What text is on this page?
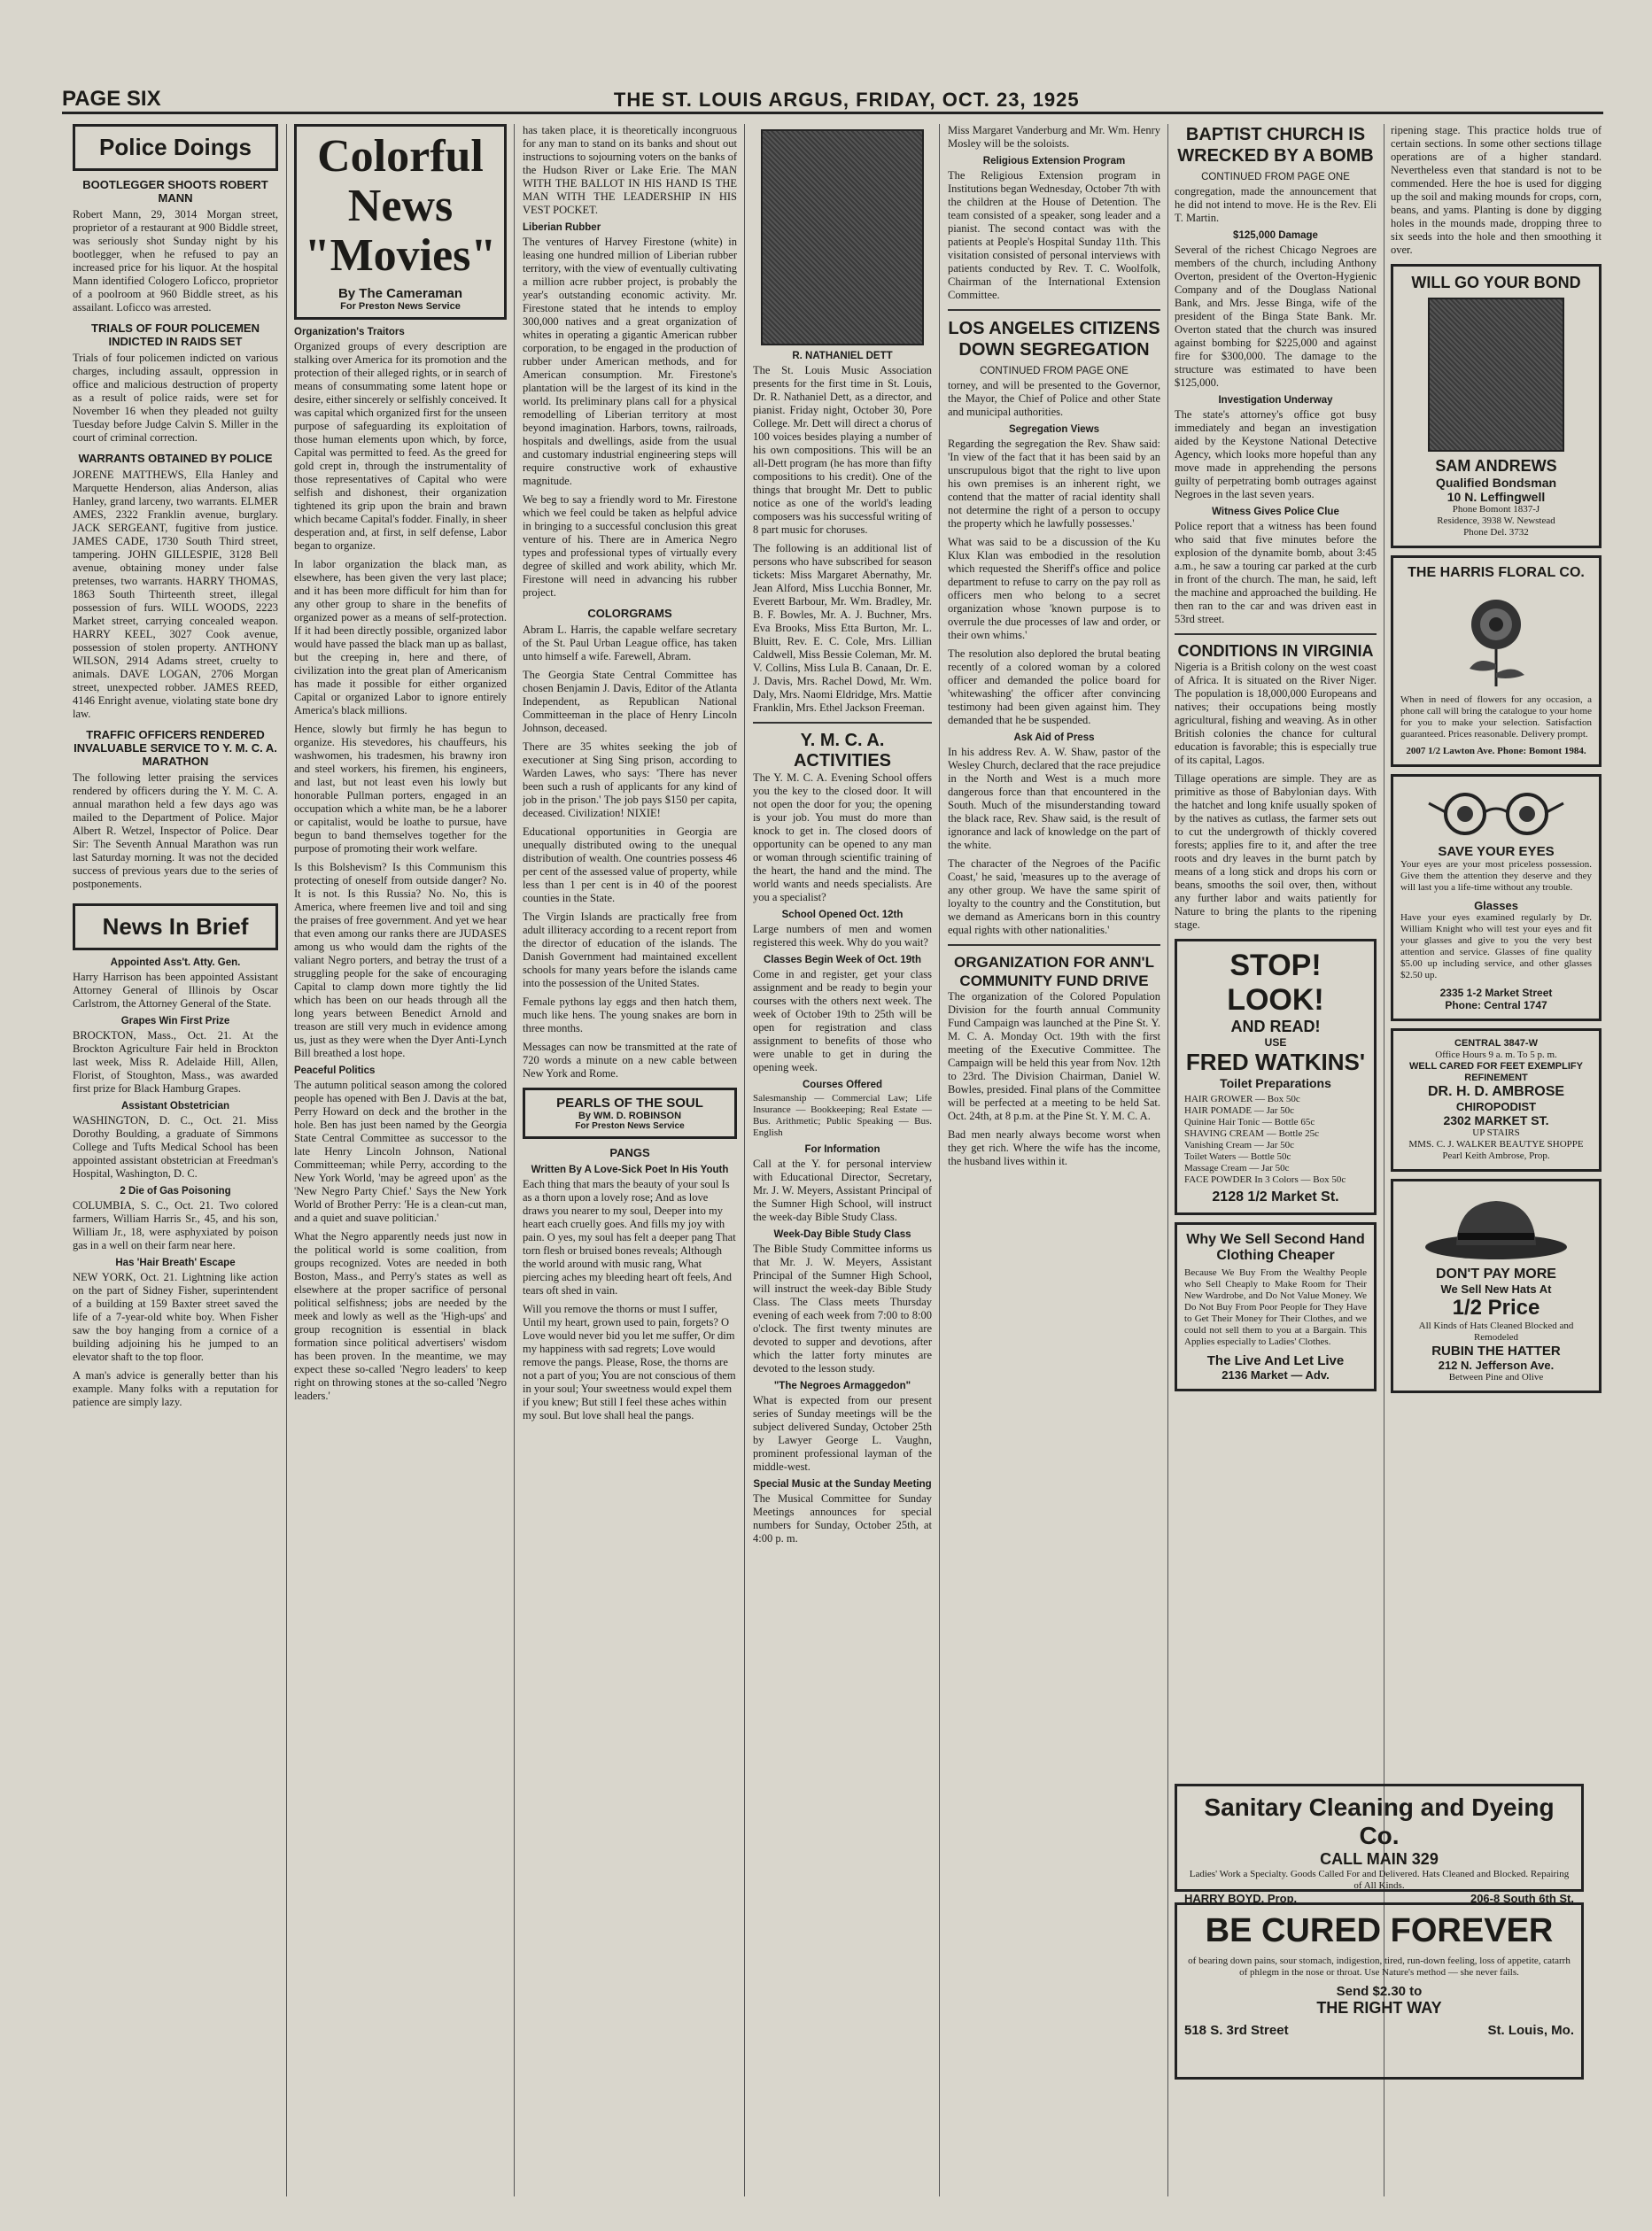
PAGE SIX	THE ST. LOUIS ARGUS, FRIDAY, OCT. 23, 1925
Police Doings
BOOTLEGGER SHOOTS ROBERT MANN

Robert Mann, 29, 3014 Morgan street, proprietor of a restaurant at 900 Biddle street, was seriously shot Sunday night by his bootlegger, when he refused to pay an increased price for his liquor. At the hospital Mann identified Cologero Loficco, proprietor of a poolroom at 960 Biddle street, as his assailant. Loficco was arrested.

TRIALS OF FOUR POLICEMEN INDICTED IN RAIDS SET

Trials of four policemen indicted on various charges, including assault, oppression in office and malicious destruction of property as a result of police raids, were set for November 16 when they pleaded not guilty Tuesday before Judge Calvin S. Miller in the court of criminal correction.

WARRANTS OBTAINED BY POLICE

JORENE MATTHEWS, Ella Hanley and Marquette Henderson, alias Anderson, alias Hanley, grand larceny, two warrants. ELMER AMES, 2322 Franklin avenue, burglary. JACK SERGEANT, fugitive from justice. JAMES CADE, 1730 South Third street, tampering. JOHN GILLESPIE, 3128 Bell avenue, obtaining money under false pretenses, two warrants. HARRY THOMAS, 1863 South Thirteenth street, illegal possession of furs. WILL WOODS, 2223 Market street, carrying concealed weapon. HARRY KEEL, 3027 Cook avenue, possession of stolen property. ANTHONY WILSON, 2914 Adams street, cruelty to animals. DAVE LOGAN, 2706 Morgan street, unexpected robber. JAMES REED, 4146 Enright avenue, violating state bone dry law.

TRAFFIC OFFICERS RENDERED INVALUABLE SERVICE TO Y. M. C. A. MARATHON

The following letter praising the services rendered by officers during the Y. M. C. A. annual marathon held a few days ago was mailed to the Department of Police. Major Albert R. Wetzel, Inspector of Police. Dear Sir: The Seventh Annual Marathon was run last Saturday morning. It was not the decided success of previous years due to the series of postponements.

News In Brief
Appointed Ass't. Atty. Gen.

Harry Harrison has been appointed Assistant Attorney General of Illinois by Oscar Carlstrom, the Attorney General of the State.

Grapes Win First Prize

BROCKTON, Mass., Oct. 21. At the Brockton Agriculture Fair held in Brockton last week, Miss R. Adelaide Hill, Allen, Florist, of Stoughton, Mass., was awarded first prize for Black Hamburg Grapes.

Assistant Obstetrician

WASHINGTON, D. C., Oct. 21. Miss Dorothy Boulding, a graduate of Simmons College and Tufts Medical School has been appointed assistant obstetrician at Freedman's Hospital, Washington, D. C.

2 Die of Gas Poisoning

COLUMBIA, S. C., Oct. 21. Two colored farmers, William Harris Sr., 45, and his son, William Jr., 18, were asphyxiated by poison gas in a well on their farm near here.

Has 'Hair Breath' Escape

NEW YORK, Oct. 21. Lightning like action on the part of Sidney Fisher, superintendent of a building at 159 Baxter street saved the life of a 7-year-old white boy. When Fisher saw the boy hanging from a cornice of a building adjoining his he jumped to an elevator shaft to the top floor.

A man's advice is generally better than his example. Many folks with a reputation for patience are simply lazy.

Colorful News "Movies"
By The Cameraman
For Preston News Service
Organization's Traitors

Organized groups of every description are stalking over America for its promotion and the protection of their alleged rights, or in search of means of consummating some latent hope or desire, either sincerely or selfishly conceived. It was capital which organized first for the unseen purpose of safeguarding its exploitation of those human elements upon which, by force, Capital was permitted to feed. As the greed for gold crept in, through the instrumentality of those representatives of Capital who were selfish and dishonest, their organization tightened its grip upon the brain and brawn which became Capital's fodder. Finally, in sheer desperation and, at first, in self defense, Labor began to organize.

In labor organization the black man, as elsewhere, has been given the very last place; and it has been more difficult for him than for any other group to share in the benefits of organized power as a means of self-protection. If it had been directly possible, organized labor would have passed the black man up as ballast, but the creeping in, here and there, of civilization into the great plan of Americanism has made it possible for either organized Capital or organized Labor to ignore entirely America's black millions.

Hence, slowly but firmly he has begun to organize. His stevedores, his chauffeurs, his washwomen, his tradesmen, his brawny iron and steel workers, his firemen, his engineers, and last, but not least even his lowly but honorable Pullman porters, engaged in an occupation which a white man, be he a laborer or capitalist, would be loathe to pursue, have begun to band themselves together for the purpose of promoting their work welfare.

Is this Bolshevism? Is this Communism this protecting of oneself from outside danger? No. It is not. Is this Russia? No. No, this is America, where freemen live and toil and sing the praises of free government. And yet we hear that even among our ranks there are JUDASES among us who would dam the rights of the valiant Negro porters, and betray the trust of a struggling people for the sake of encouraging Capital to clamp down more tightly the lid which has been on our heads through all the long years between Benedict Arnold and treason are still very much in evidence among us, just as they were when the Dyer Anti-Lynch Bill breathed a lost hope.

Peaceful Politics

The autumn political season among the colored people has opened with Ben J. Davis at the bat, Perry Howard on deck and the brother in the hole. Ben has just been named by the Georgia State Central Committee as successor to the late Henry Lincoln Johnson, National Committeeman; while Perry, according to the New York World, 'may be agreed upon' as the 'New Negro Party Chief.' Says the New York World of Brother Perry: 'He is a clean-cut man, and a quiet and suave politician.'

What the Negro apparently needs just now in the political world is some coalition, from groups recognized. Votes are needed in both Boston, Mass., and Perry's states as well as elsewhere at the proper sacrifice of personal political selfishness; jobs are needed by the meek and lowly as well as the 'High-ups' and group recognition is essential in black formation since political advertisers' wisdom has been proven. In the meantime, we may expect these so-called 'Negro leaders' to keep right on throwing stones at the so-called 'Negro leaders.'

has taken place, it is theoretically incongruous for any man to stand on its banks and shout out instructions to sojourning voters on the banks of the Hudson River or Lake Erie. The MAN WITH THE BALLOT IN HIS HAND IS THE MAN WITH THE LEADERSHIP IN HIS VEST POCKET.

Liberian Rubber

The ventures of Harvey Firestone (white) in leasing one hundred million of Liberian rubber territory, with the view of eventually cultivating a million acre rubber project, is probably the year's outstanding economic activity. Mr. Firestone stated that he intends to employ 300,000 natives and a great organization of whites in operating a gigantic American rubber corporation, to be engaged in the production of rubber under American methods, and for American consumption. Mr. Firestone's plantation will be the largest of its kind in the world. Its preliminary plans call for a physical remodelling of Liberian territory at most beyond imagination. Harbors, towns, railroads, hospitals and dwellings, aside from the usual and customary industrial engineering steps will require constructive work of exhaustive magnitude.

We beg to say a friendly word to Mr. Firestone which we feel could be taken as helpful advice in bringing to a successful conclusion this great venture of his. There are in America Negro types and professional types of virtually every degree of skilled and work ability, which Mr. Firestone will need in advancing his rubber project.

COLORGRAMS

Abram L. Harris, the capable welfare secretary of the St. Paul Urban League office, has taken unto himself a wife. Farewell, Abram.

The Georgia State Central Committee has chosen Benjamin J. Davis, Editor of the Atlanta Independent, as Republican National Committeeman in the place of Henry Lincoln Johnson, deceased.

There are 35 whites seeking the job of executioner at Sing Sing prison, according to Warden Lawes, who says: 'There has never been such a rush of applicants for any kind of job in the prison.' The job pays $150 per capita, deceased. Civilization! NIXIE!

Educational opportunities in Georgia are unequally distributed owing to the unequal distribution of wealth. One countries possess 46 per cent of the assessed value of property, while less than 1 per cent is in 40 of the poorest counties in the State.

The Virgin Islands are practically free from adult illiteracy according to a recent report from the director of education of the islands. The Danish Government had maintained excellent schools for many years before the islands came into the possession of the United States.

Female pythons lay eggs and then hatch them, much like hens. The young snakes are born in three months.

Messages can now be transmitted at the rate of 720 words a minute on a new cable between New York and Rome.

PEARLS OF THE SOUL
By WM. D. ROBINSON
For Preston News Service
PANGS
Written By A Love-Sick Poet In His Youth

Each thing that mars the beauty of your soul Is as a thorn upon a lovely rose; And as love draws you nearer to my soul, Deeper into my heart each cruelly goes. And fills my joy with pain. O yes, my soul has felt a deeper pang That torn flesh or bruised bones reveals; Although the world around with music rang, What piercing aches my bleeding heart oft feels, And tears oft shed in vain.

Will you remove the thorns or must I suffer, Until my heart, grown used to pain, forgets? O Love would never bid you let me suffer, Or dim my happiness with sad regrets; Love would remove the pangs. Please, Rose, the thorns are not a part of you; You are not conscious of them in your soul; Your sweetness would expel them if you knew; But still I feel these aches within my soul. But love shall heal the pangs.

R. NATHANIEL DETT

The St. Louis Music Association presents for the first time in St. Louis, Dr. R. Nathaniel Dett, as a director, and pianist. Friday night, October 30, Pore College. Mr. Dett will direct a chorus of 100 voices besides playing a number of his own compositions. This will be an all-Dett program (he has more than fifty compositions to his credit). One of the things that brought Mr. Dett to public notice as one of the world's leading composers was his successful writing of 8 part music for choruses.

The following is an additional list of persons who have subscribed for season tickets: Miss Margaret Abernathy, Mr. Jean Alford, Miss Lucchia Bonner, Mr. Everett Barbour, Mr. Wm. Bradley, Mr. B. F. Bowles, Mr. A. J. Buchner, Mrs. Eva Brooks, Miss Etta Burton, Mr. L. Bluitt, Rev. E. C. Cole, Mrs. Lillian Caldwell, Miss Bessie Coleman, Mr. M. V. Collins, Miss Lula B. Canaan, Dr. E. J. Davis, Mrs. Rachel Dowd, Mr. Wm. Daly, Mrs. Naomi Eldridge, Mrs. Mattie Franklin, Mrs. Ethel Jackson Freeman.

Y. M. C. A. ACTIVITIES

The Y. M. C. A. Evening School offers you the key to the closed door. It will not open the door for you; the opening is your job. You must do more than knock to get in. The closed doors of opportunity can be opened to any man or woman through scientific training of the heart, the hand and the mind. The world wants and needs specialists. Are you a specialist?

School Opened Oct. 12th

Large numbers of men and women registered this week. Why do you wait?

Classes Begin Week of Oct. 19th

Come in and register, get your class assignment and be ready to begin your courses with the others next week. The week of October 19th to 25th will be open for registration and class assignment to benefits of those who were unable to get in during the opening week.

Courses Offered

Salesmanship — Commercial Law; Life Insurance — Bookkeeping; Real Estate — Bus. Arithmetic; Public Speaking — Bus. English

For Information

Call at the Y. for personal interview with Educational Director, Secretary, Mr. J. W. Meyers, Assistant Principal of the Sumner High School, will instruct the week-day Bible Study Class.

Week-Day Bible Study Class

The Bible Study Committee informs us that Mr. J. W. Meyers, Assistant Principal of the Sumner High School, will instruct the week-day Bible Study Class. The Class meets Thursday evening of each week from 7:00 to 8:00 o'clock. The first twenty minutes are devoted to supper and devotions, after which the latter forty minutes are devoted to the lesson study.

"The Negroes Armaggedon"

What is expected from our present series of Sunday meetings will be the subject delivered Sunday, October 25th by Lawyer George L. Vaughn, prominent professional layman of the middle-west.

Special Music at the Sunday Meeting

The Musical Committee for Sunday Meetings announces for special numbers for Sunday, October 25th, at 4:00 p. m.

Miss Margaret Vanderburg and Mr. Wm. Henry Mosley will be the soloists.

Religious Extension Program

The Religious Extension program in Institutions began Wednesday, October 7th with the children at the House of Detention. The team consisted of a speaker, song leader and a pianist. The second contact was with the patients at People's Hospital Sunday 11th. This visitation consisted of personal interviews with patients conducted by Rev. T. C. Woolfolk, Chairman of the International Extension Committee.

LOS ANGELES CITIZENS DOWN SEGREGATION
CONTINUED FROM PAGE ONE

torney, and will be presented to the Governor, the Mayor, the Chief of Police and other State and municipal authorities.

Segregation Views

Regarding the segregation the Rev. Shaw said: 'In view of the fact that it has been said by an unscrupulous bigot that the right to live upon his own premises is an inherent right, we contend that the matter of racial identity shall not determine the right of a person to occupy the property which he lawfully possesses.'

What was said to be a discussion of the Ku Klux Klan was embodied in the resolution which requested the Sheriff's office and police department to refuse to carry on the pay roll as officers men who belong to a secret organization whose 'known purpose is to overrule the due processes of law and order, or their own whims.'

The resolution also deplored the brutal beating recently of a colored woman by a colored officer and demanded the police board for 'whitewashing' the officer after convincing testimony had been given against him. They demanded that he be suspended.

Ask Aid of Press

In his address Rev. A. W. Shaw, pastor of the Wesley Church, declared that the race prejudice in the North and West is a much more dangerous force than that encountered in the South. Much of the misunderstanding toward the black race, Rev. Shaw said, is the result of ignorance and lack of knowledge on the part of the white.

The character of the Negroes of the Pacific Coast,' he said, 'measures up to the average of any other group. We have the same spirit of loyalty to the country and the Constitution, but we demand as Americans born in this country equal rights with other nationalities.'

ORGANIZATION FOR ANN'L COMMUNITY FUND DRIVE

The organization of the Colored Population Division for the fourth annual Community Fund Campaign was launched at the Pine St. Y. M. C. A. Monday Oct. 19th with the first meeting of the Executive Committee. The Campaign will be held this year from Nov. 12th to 23rd. The Division Chairman, Daniel W. Bowles, presided. Final plans of the Committee will be perfected at a meeting to be held Sat. Oct. 24th, at 8 p.m. at the Pine St. Y. M. C. A.

Bad men nearly always become worst when they get rich. Where the wife has the income, the husband lives within it.

BAPTIST CHURCH IS WRECKED BY A BOMB
CONTINUED FROM PAGE ONE

congregation, made the announcement that he did not intend to move. He is the Rev. Eli T. Martin.

$125,000 Damage

Several of the richest Chicago Negroes are members of the church, including Anthony Overton, president of the Overton-Hygienic Company and of the Douglass National Bank, and Mrs. Jesse Binga, wife of the president of the Binga State Bank. Mr. Overton stated that the church was insured against bombing for $225,000 and against fire for $300,000. The damage to the structure was estimated to have been $125,000.

Investigation Underway

The state's attorney's office got busy immediately and began an investigation aided by the Keystone National Detective Agency, which looks more hopeful than any move made in apprehending the persons guilty of perpetrating bomb outrages against Negroes in the last seven years.

Witness Gives Police Clue

Police report that a witness has been found who said that five minutes before the explosion of the dynamite bomb, about 3:45 a.m., he saw a touring car parked at the curb in front of the church. The man, he said, left the machine and approached the building. He then ran to the car and was driven east in 53rd street.

CONDITIONS IN VIRGINIA

Nigeria is a British colony on the west coast of Africa. It is situated on the River Niger. The population is 18,000,000 Europeans and natives; their occupations being mostly agricultural, fishing and weaving. As in other British colonies the chance for cultural education is favorable; this is especially true of its capital, Lagos.

Tillage operations are simple. They are as primitive as those of Babylonian days. With the hatchet and long knife usually spoken of by the natives as cutlass, the farmer sets out to cut the undergrowth of thickly covered forests; applies fire to it, and after the tree roots and dry leaves in the burnt patch by means of a long stick and drops his corn or beans, smooths the soil over, then, without any further labor and waits patiently for Nature to bring the plants to the ripening stage.

STOP! LOOK!
AND READ!
USE
FRED WATKINS'
Toilet Preparations
HAIR GROWER — Box 50c
HAIR POMADE — Jar 50c
Quinine Hair Tonic — Bottle 65c
SHAVING CREAM — Bottle 25c
Vanishing Cream — Jar 50c
Toilet Waters — Bottle 50c
Massage Cream — Jar 50c
FACE POWDER In 3 Colors — Box 50c
2128 1/2 Market St.
Why We Sell Second Hand Clothing Cheaper

Because We Buy From the Wealthy People who Sell Cheaply to Make Room for Their New Wardrobe, and Do Not Value Money. We Do Not Buy From Poor People for They Have to Get Their Money for Their Clothes, and we could not sell them to you at a Bargain. This Applies especially to Ladies' Clothes.

The Live And Let Live
2136 Market — Adv.

ripening stage. This practice holds true of certain sections. In some other sections tillage operations are of a higher standard. Nevertheless even that standard is not to be commended. Here the hoe is used for digging up the soil and making mounds for crops, corn, beans, and yams. Planting is done by digging holes in the mounds made, dropping three to six seeds into the hole and then smoothing it over.

WILL GO YOUR BOND
SAM ANDREWS
Qualified Bondsman
10 N. Leffingwell
Phone Bomont 1837-J
Residence, 3938 W. Newstead
Phone Del. 3732
THE HARRIS FLORAL CO.

When in need of flowers for any occasion, a phone call will bring the catalogue to your home for you to make your selection. Satisfaction guaranteed. Prices reasonable. Delivery prompt.

2007 1/2 Lawton Ave. Phone: Bomont 1984.
SAVE YOUR EYES

Your eyes are your most priceless possession. Give them the attention they deserve and they will last you a life-time without any trouble.

Glasses

Have your eyes examined regularly by Dr. William Knight who will test your eyes and fit your glasses and give to you the very best attention and service. Glasses of fine quality $5.00 up including service, and other glasses $2.50 up.

2335 1-2 Market Street
Phone: Central 1747
CENTRAL 3847-W
Office Hours 9 a. m. To 5 p. m.
WELL CARED FOR FEET EXEMPLIFY REFINEMENT
DR. H. D. AMBROSE
CHIROPODIST
2302 MARKET ST.
UP STAIRS
MMS. C. J. WALKER BEAUTYE SHOPPE
Pearl Keith Ambrose, Prop.
DON'T PAY MORE
We Sell New Hats At
1/2 Price
All Kinds of Hats Cleaned Blocked and Remodeled
RUBIN THE HATTER
212 N. Jefferson Ave.
Between Pine and Olive
Sanitary Cleaning and Dyeing Co.
CALL MAIN 329
Ladies' Work a Specialty. Goods Called For and Delivered. Hats Cleaned and Blocked. Repairing of All Kinds.
HARRY BOYD, Prop.	206-8 South 6th St.
BE CURED FOREVER
of bearing down pains, sour stomach, indigestion, tired, run-down feeling, loss of appetite, catarrh of phlegm in the nose or throat. Use Nature's method — she never fails.
Send $2.30 to
THE RIGHT WAY
518 S. 3rd Street	St. Louis, Mo.
